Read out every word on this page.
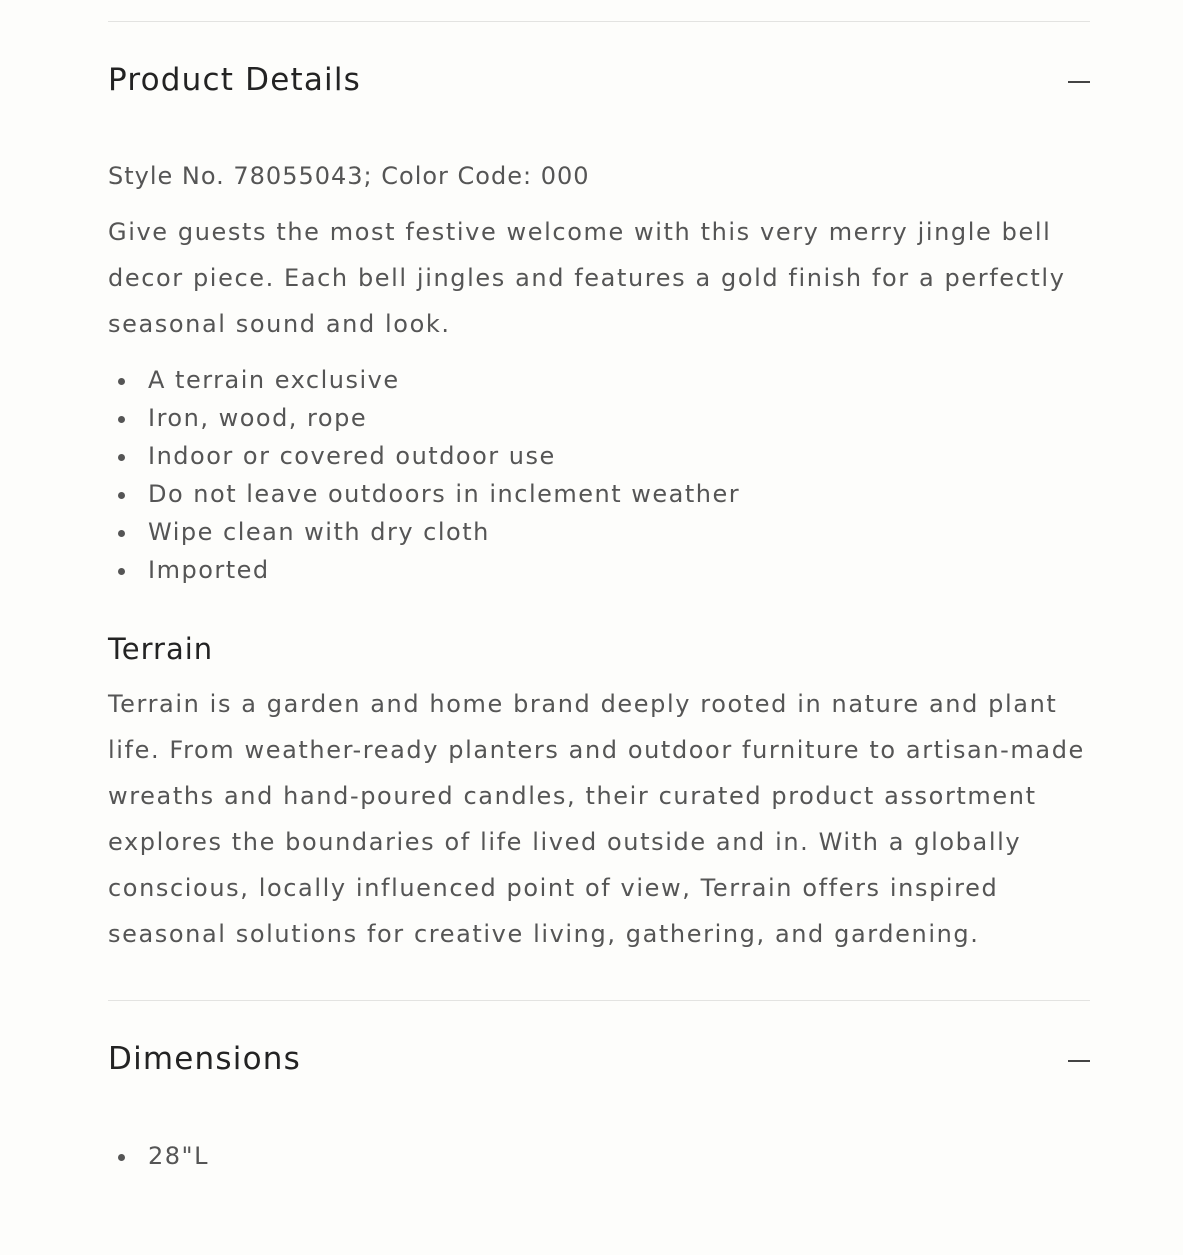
Product Details
Style No. 78055043; Color Code: 000

Give guests the most festive welcome with this very merry jingle bell decor piece. Each bell jingles and features a gold finish for a perfectly seasonal sound and look.

A terrain exclusive
Iron, wood, rope
Indoor or covered outdoor use
Do not leave outdoors in inclement weather
Wipe clean with dry cloth
Imported
Terrain

Terrain is a garden and home brand deeply rooted in nature and plant life. From weather-ready planters and outdoor furniture to artisan-made wreaths and hand-poured candles, their curated product assortment explores the boundaries of life lived outside and in. With a globally conscious, locally influenced point of view, Terrain offers inspired seasonal solutions for creative living, gathering, and gardening.

Dimensions
28"L
